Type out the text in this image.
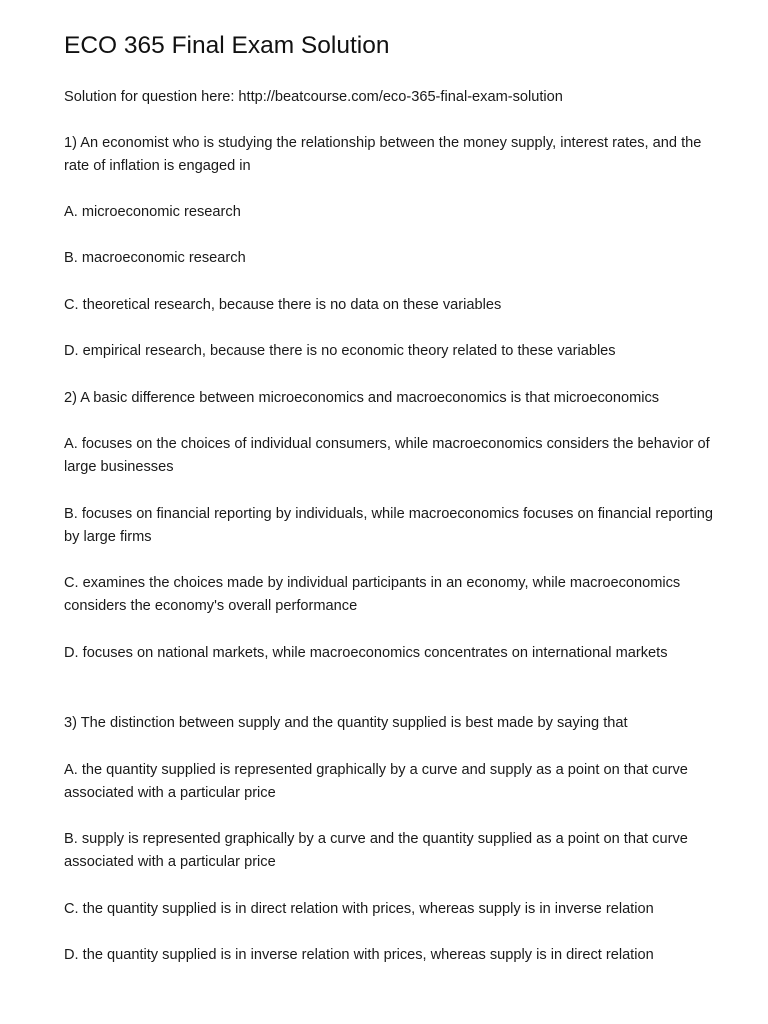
ECO 365 Final Exam Solution

Solution for question here: http://beatcourse.com/eco-365-final-exam-solution

1) An economist who is studying the relationship between the money supply, interest rates, and the rate of inflation is engaged in

A. microeconomic research

B. macroeconomic research

C. theoretical research, because there is no data on these variables

D. empirical research, because there is no economic theory related to these variables

2) A basic difference between microeconomics and macroeconomics is that microeconomics

A. focuses on the choices of individual consumers, while macroeconomics considers the behavior of large businesses

B. focuses on financial reporting by individuals, while macroeconomics focuses on financial reporting by large firms

C. examines the choices made by individual participants in an economy, while macroeconomics considers the economy's overall performance

D. focuses on national markets, while macroeconomics concentrates on international markets

3) The distinction between supply and the quantity supplied is best made by saying that

A. the quantity supplied is represented graphically by a curve and supply as a point on that curve associated with a particular price

B. supply is represented graphically by a curve and the quantity supplied as a point on that curve associated with a particular price

C. the quantity supplied is in direct relation with prices, whereas supply is in inverse relation

D. the quantity supplied is in inverse relation with prices, whereas supply is in direct relation
